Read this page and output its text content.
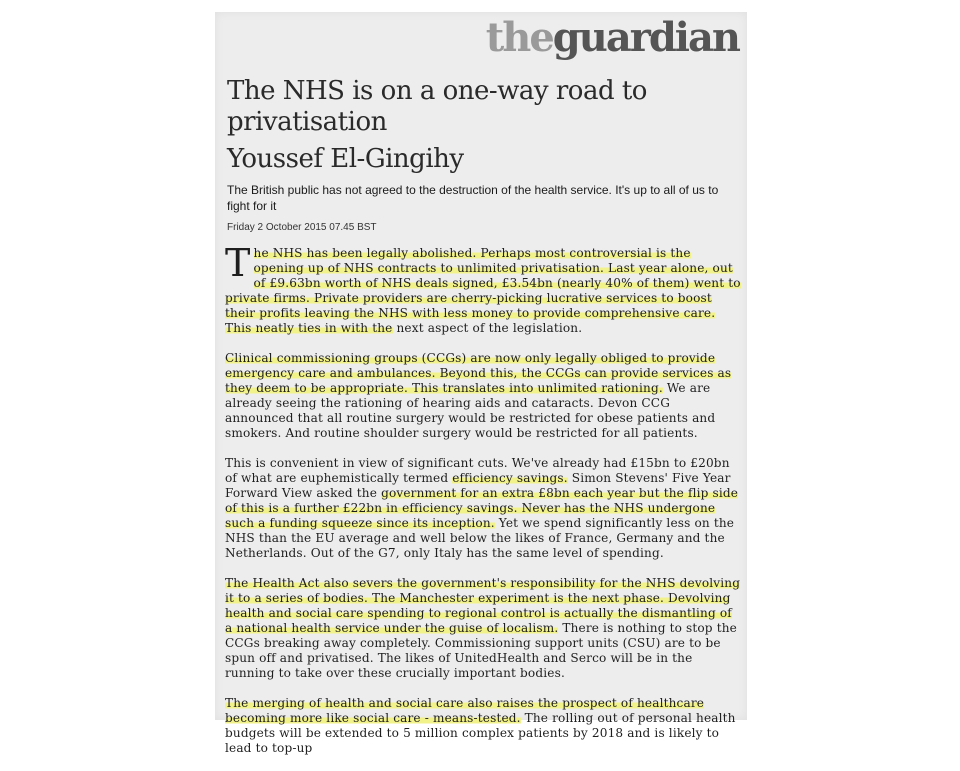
theguardian
The NHS is on a one-way road to privatisation
Youssef El-Gingihy
The British public has not agreed to the destruction of the health service. It's up to all of us to fight for it
Friday 2 October 2015 07.45 BST

The NHS has been legally abolished. Perhaps most controversial is the opening up of NHS contracts to unlimited privatisation. Last year alone, out of £9.63bn worth of NHS deals signed, £3.54bn (nearly 40% of them) went to private firms. Private providers are cherry-picking lucrative services to boost their profits leaving the NHS with less money to provide comprehensive care. This neatly ties in with the next aspect of the legislation.

Clinical commissioning groups (CCGs) are now only legally obliged to provide emergency care and ambulances. Beyond this, the CCGs can provide services as they deem to be appropriate. This translates into unlimited rationing. We are already seeing the rationing of hearing aids and cataracts. Devon CCG announced that all routine surgery would be restricted for obese patients and smokers. And routine shoulder surgery would be restricted for all patients.

This is convenient in view of significant cuts. We've already had £15bn to £20bn of what are euphemistically termed efficiency savings. Simon Stevens' Five Year Forward View asked the government for an extra £8bn each year but the flip side of this is a further £22bn in efficiency savings. Never has the NHS undergone such a funding squeeze since its inception. Yet we spend significantly less on the NHS than the EU average and well below the likes of France, Germany and the Netherlands. Out of the G7, only Italy has the same level of spending.

The Health Act also severs the government's responsibility for the NHS devolving it to a series of bodies. The Manchester experiment is the next phase. Devolving health and social care spending to regional control is actually the dismantling of a national health service under the guise of localism. There is nothing to stop the CCGs breaking away completely. Commissioning support units (CSU) are to be spun off and privatised. The likes of UnitedHealth and Serco will be in the running to take over these crucially important bodies.

The merging of health and social care also raises the prospect of healthcare becoming more like social care - means-tested. The rolling out of personal health budgets will be extended to 5 million complex patients by 2018 and is likely to lead to top-up
